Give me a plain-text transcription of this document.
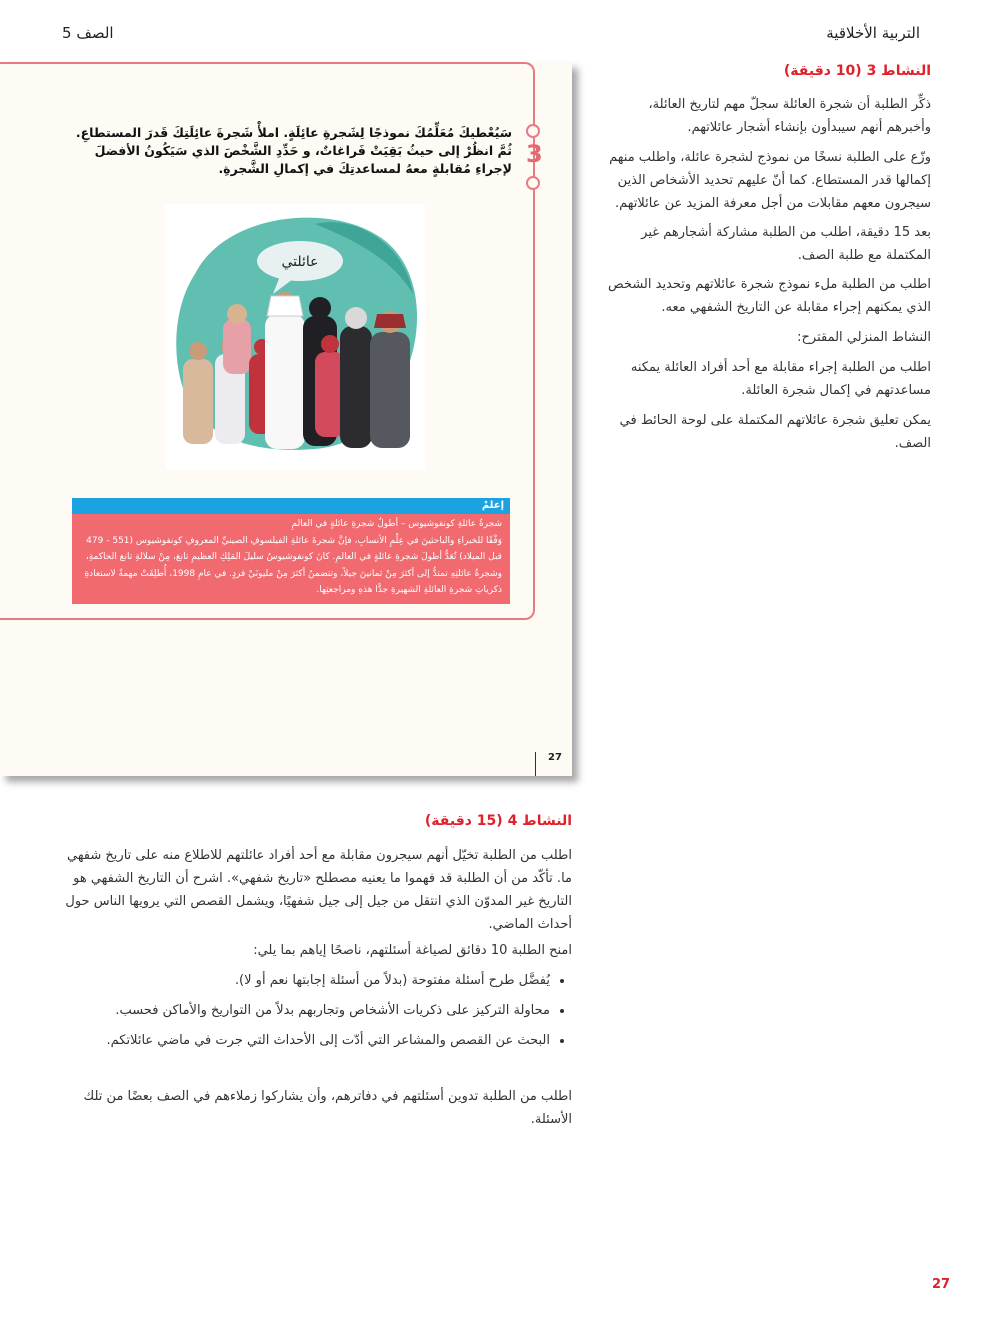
التربية الأخلاقية
الصف 5
النشاط 3 (10 دقيقة)

ذكِّر الطلبة أن شجرة العائلة سجلّ مهم لتاريخ العائلة، وأخبرهم أنهم سيبدأون بإنشاء أشجار عائلاتهم.

وزّع على الطلبة نسخًا من نموذج لشجرة عائلة، واطلب منهم إكمالها قدر المستطاع. كما أنّ عليهم تحديد الأشخاص الذين سيجرون معهم مقابلات من أجل معرفة المزيد عن عائلاتهم.

بعد 15 دقيقة، اطلب من الطلبة مشاركة أشجارهم غير المكتملة مع طلبة الصف.

اطلب من الطلبة ملء نموذج شجرة عائلاتهم وتحديد الشخص الذي يمكنهم إجراء مقابلة عن التاريخ الشفهي معه.

النشاط المنزلي المقترح:

اطلب من الطلبة إجراء مقابلة مع أحد أفراد العائلة يمكنه مساعدتهم في إكمال شجرة العائلة.

يمكن تعليق شجرة عائلاتهم المكتملة على لوحة الحائط في الصف.

3

سَيُعْطيكَ مُعَلِّمُكَ نموذجًا لِشَجرةِ عائِلَةٍ. املأْ شَجرةَ عائِلَتِكَ قَدرَ المستطاعِ. ثُمَّ انظُرْ إلى حيثُ بَقِيَتْ فَراغاتٌ، و حَدِّدِ الشَّخْصَ الذي سَيَكُونُ الأفضلَ لإجراءِ مُقابلةٍ معهُ لمساعدتِكَ في إكمالِ الشَّجرةِ.

عائلتي
إعلمْ

شجرةُ عائلةِ كونفوشيوس – أطولُ شجرةِ عائلةٍ في العالمِ
وَفْقًا للخبراءِ والباحثينَ في عِلْمِ الأنسابِ، فإنَّ شجرةَ عائلةِ الفيلسوفِ الصينيِّ المعروفِ كونفوشيوس (551 - 479
قبل الميلاد) تُعَدُّ أطولَ شجرةِ عائلةٍ في العالمِ. كانَ كونفوشيوسُ سليلَ المَلِكِ العظيمِ تانغ، مِنْ سلالةِ تانغ الحاكمةِ،
وشجرةُ عائلتِهِ تمتدُّ إلى أكثرَ مِنْ ثمانينَ جيلاً، وتتضمنُ أكثرَ مِنْ مليونَيْ فردٍ. في عامِ 1998، أُطلِقَتْ مهمةٌ لاستعادةِ
ذكرياتِ شجرةِ العائلةِ الشهيرةِ جدًّا هذهِ ومراجعتِها.

27
النشاط 4 (15 دقيقة)

اطلب من الطلبة تخيّل أنهم سيجرون مقابلة مع أحد أفراد عائلتهم للاطلاع منه على تاريخ شفهي ما. تأكّد من أن الطلبة قد فهموا ما يعنيه مصطلح «تاريخ شفهي». اشرح أن التاريخ الشفهي هو التاريخ غير المدوّن الذي انتقل من جيل إلى جيل شفهيًا، ويشمل القصص التي يرويها الناس حول أحداث الماضي.

امنح الطلبة 10 دقائق لصياغة أسئلتهم، ناصحًا إياهم بما يلي:

• يُفضَّل طرح أسئلة مفتوحة (بدلاً من أسئلة إجابتها نعم أو لا).
• محاولة التركيز على ذكريات الأشخاص وتجاربهم بدلاً من التواريخ والأماكن فحسب.
• البحث عن القصص والمشاعر التي أدّت إلى الأحداث التي جرت في ماضي عائلاتكم.

اطلب من الطلبة تدوين أسئلتهم في دفاترهم، وأن يشاركوا زملاءهم في الصف بعضًا من تلك الأسئلة.

27
